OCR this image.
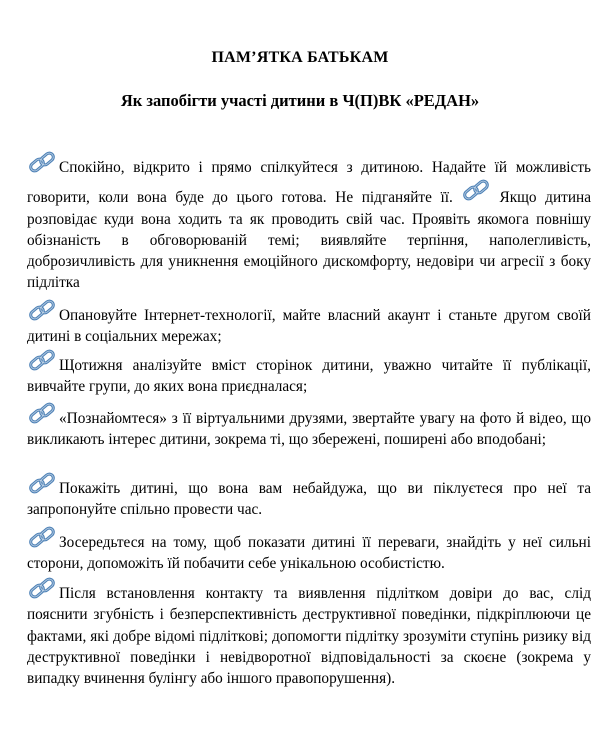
ПАМ’ЯТКА БАТЬКАМ
Як запобігти участі дитини в Ч(П)ВК «РЕДАН»
Спокійно, відкрито і прямо спілкуйтеся з дитиною. Надайте їй можливість говорити, коли вона буде до цього готова. Не підганяйте її.
Якщо дитина розповідає куди вона ходить та як проводить свій час. Проявіть якомога повнішу обізнаність в обговорюваній темі; виявляйте терпіння, наполегливість, доброзичливість для уникнення емоційного дискомфорту, недовіри чи агресії з боку підлітка
Опановуйте Інтернет-технології, майте власний акаунт і станьте другом своїй дитині в соціальних мережах;
Щотижня аналізуйте вміст сторінок дитини, уважно читайте її публікації, вивчайте групи, до яких вона приєднaлася;
«Познайомтеся» з її віртуальними друзями, звертайте увагу на фото й відео, що викликають інтерес дитини, зокрема ті, що збережені, поширені або вподобані;
Покажіть дитині, що вона вам небайдужа, що ви піклуєтеся про неї та запропонуйте спільно провести час.
Зосередьтеся на тому, щоб показати дитині її переваги, знайдіть у неї сильні сторони, допоможіть їй побачити себе унікальною особистістю.
Після встановлення контакту та виявлення підлітком довіри до вас, слід пояснити згубність і безперспективність деструктивної поведінки, підкріплюючи це фактами, які добре відомі підліткові; допомогти підлітку зрозуміти ступінь ризику від деструктивної поведінки і невідворотної відповідальності за скоєне (зокрема у випадку вчинення булінгу або іншого правопорушення).
